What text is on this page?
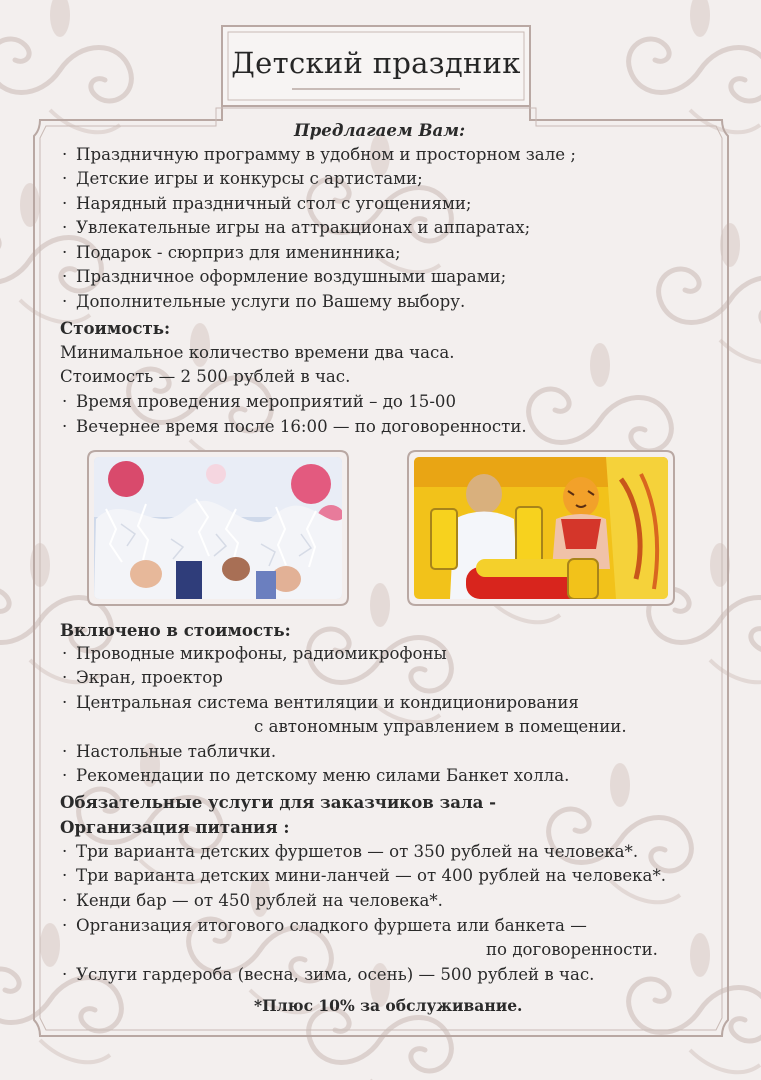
Детский праздник
Предлагаем Вам:
· Праздничную программу в удобном и просторном зале ;
· Детские игры и конкурсы с артистами;
· Нарядный праздничный стол с угощениями;
· Увлекательные игры на аттракционах и аппаратах;
· Подарок - сюрприз для именинника;
· Праздничное оформление воздушными шарами;
· Дополнительные услуги по Вашему выбору.
Стоимость:
Минимальное количество времени два часа.
Стоимость — 2 500 рублей в час.
· Время проведения мероприятий – до 15-00
· Вечернее время после 16:00 — по договоренности.
Включено в стоимость:
· Проводные микрофоны, радиомикрофоны
· Экран, проектор
· Центральная система вентиляции и кондиционирования
с автономным управлением в помещении.
· Настольные таблички.
· Рекомендации по детскому меню силами Банкет холла.
Обязательные услуги для заказчиков зала -
Организация питания :
· Три варианта детских фуршетов — от 350 рублей на человека*.
· Три варианта детских мини-ланчей — от 400 рублей на человека*.
· Кенди бар — от 450 рублей на человека*.
· Организация итогового сладкого фуршета или банкета —
по договоренности.
· Услуги гардероба (весна, зима, осень) — 500 рублей в час.
*Плюс 10% за обслуживание.
